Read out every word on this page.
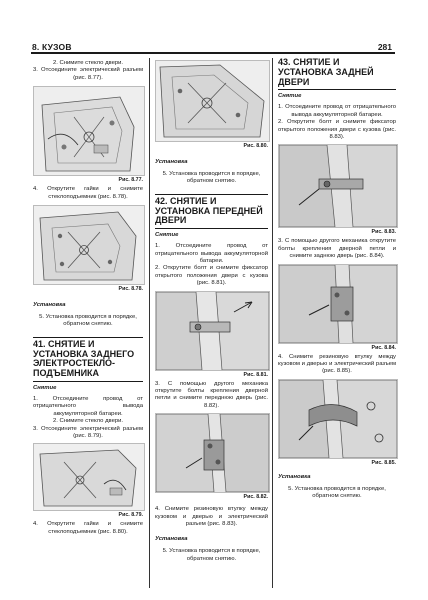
8. КУЗОВ	281

2. Снимите стекло двери.

3. Отсоедините электрический разъем (рис. 8.77).

Рис. 8.77.

4. Открутите гайки и снимите стеклоподъемник (рис. 8.78).

Рис. 8.78.

Установка

5. Установка проводится в порядке, обратном снятию.

41. СНЯТИЕ И УСТАНОВКА ЗАДНЕГО ЭЛЕКТРОСТЕКЛО-ПОДЪЕМНИКА

Снятие

1. Отсоедините провод от отрицательного вывода аккумуляторной батареи.

2. Снимите стекло двери.

3. Отсоедините электрический разъем (рис. 8.79).

Рис. 8.79.

4. Открутите гайки и снимите стеклоподъемник (рис. 8.80).

Рис. 8.80.

Установка

5. Установка проводится в порядке, обратном снятию.

42. СНЯТИЕ И УСТАНОВКА ПЕРЕДНЕЙ ДВЕРИ

Снятие

1. Отсоедините провод от отрицательного вывода аккумуляторной батареи.

2. Открутите болт и снимите фиксатор открытого положения двери с кузова (рис. 8.81).

Рис. 8.81.

3. С помощью другого механика открутите болты крепления дверной петли и снимите переднюю дверь (рис. 8.82).

Рис. 8.82.

4. Снимите резиновую втулку между кузовом и дверью и электрический разъем (рис. 8.83).

Установка

5. Установка проводится в порядке, обратном снятию.

43. СНЯТИЕ И УСТАНОВКА ЗАДНЕЙ ДВЕРИ

Снятие

1. Отсоедините провод от отрицательного вывода аккумуляторной батареи.

2. Открутите болт и снимите фиксатор открытого положения двери с кузова (рис. 8.83).

Рис. 8.83.

3. С помощью другого механика открутите болты крепления дверной петли и снимите заднюю дверь (рис. 8.84).

Рис. 8.84.

4. Снимите резиновую втулку между кузовом и дверью и электрический разъем (рис. 8.85).

Рис. 8.85.

Установка

5. Установка проводится в порядке, обратном снятию.
